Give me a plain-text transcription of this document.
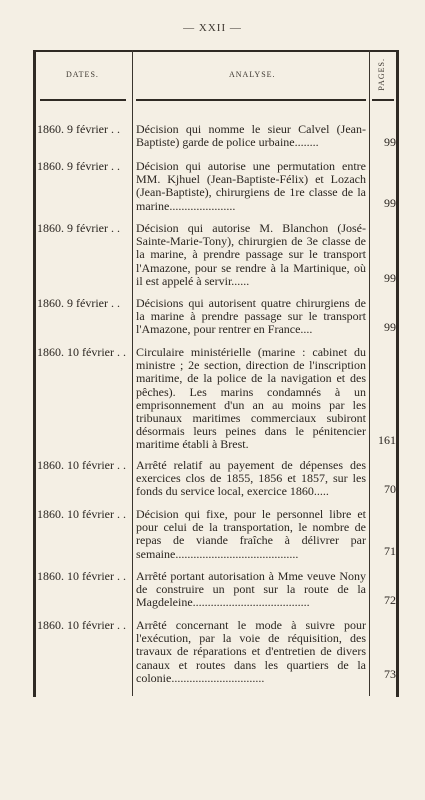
— XXII —
DATES.	ANALYSE.	PAGES.
1860. 9 février . .	Décision qui nomme le sieur Calvel (Jean-Baptiste) garde de police urbaine........	99
1860. 9 février . .	Décision qui autorise une permutation entre MM. Kjhuel (Jean-Baptiste-Félix) et Lozach (Jean-Baptiste), chirurgiens de 1re classe de la marine......................	99
1860. 9 février . .	Décision qui autorise M. Blanchon (José-Sainte-Marie-Tony), chirurgien de 3e classe de la marine, à prendre passage sur le transport l'Amazone, pour se rendre à la Martinique, où il est appelé à servir......	99
1860. 9 février . .	Décisions qui autorisent quatre chirurgiens de la marine à prendre passage sur le transport l'Amazone, pour rentrer en France....	99
1860. 10 février . . Circulaire ministérielle (marine : cabinet du ministre ; 2e section, direction de l'inscription maritime, de la police de la navigation et des pêches). Les marins condamnés à un emprisonnement d'un an au moins par les tribunaux maritimes commerciaux subiront désormais leurs peines dans le pénitencier maritime établi à Brest.	161
1860. 10 février . . Arrêté relatif au payement de dépenses des exercices clos de 1855, 1856 et 1857, sur les fonds du service local, exercice 1860.....	70
1860. 10 février . . Décision qui fixe, pour le personnel libre et pour celui de la transportation, le nombre de repas de viande fraîche à délivrer par semaine.........................................	71
1860. 10 février . . Arrêté portant autorisation à Mme veuve Nony de construire un pont sur la route de la Magdeleine.......................................	72
1860. 10 février . . Arrêté concernant le mode à suivre pour l'exécution, par la voie de réquisition, des travaux de réparations et d'entretien de divers canaux et routes dans les quartiers de la colonie...............................	73
